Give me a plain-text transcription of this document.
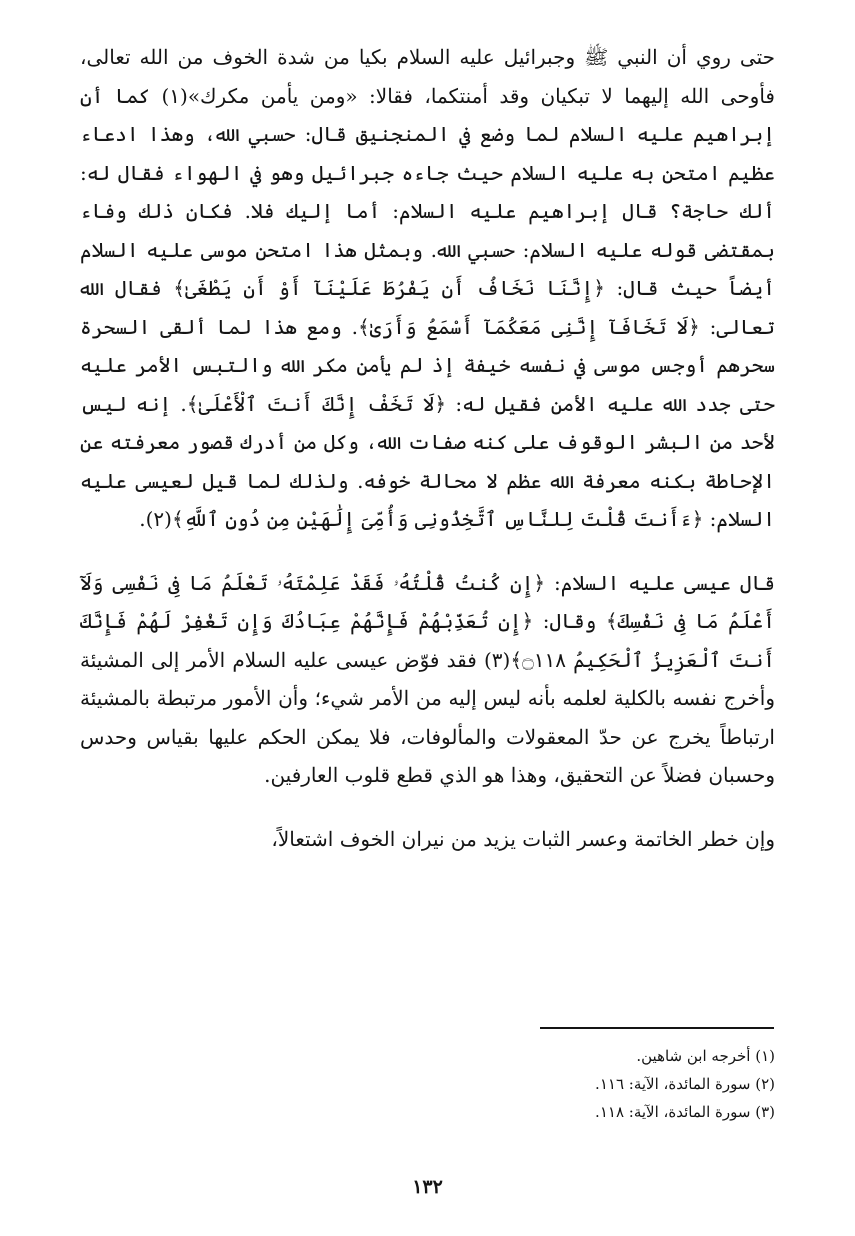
حتى روي أن النبي ﷺ وجبرائيل عليه السلام بكيا من شدة الخوف من الله تعالى، فأوحى الله إليهما لا تبكيان وقد أمنتكما، فقالا: «ومن يأمن مكرك»(١) كما أن إبراهيم عليه السلام لما وضع في المنجنيق قال: حسبي الله، وهذا ادعاء عظيم امتحن به عليه السلام حيث جاءه جبرائيل وهو في الهواء فقال له: ألك حاجة؟ قال إبراهيم عليه السلام: أما إليك فلا. فكان ذلك وفاء بمقتضى قوله عليه السلام: حسبي الله. وبمثل هذا امتحن موسى عليه السلام أيضاً حيث قال: ﴿إِنَّنَا نَخَافُ أَن يَفْرُطَ عَلَيْنَآ أَوْ أَن يَطْغَىٰ﴾ فقال الله تعالى: ﴿لَا تَخَافَآ إِنَّنِى مَعَكُمَآ أَسْمَعُ وَأَرَىٰ﴾. ومع هذا لما ألقى السحرة سحرهم أوجس موسى في نفسه خيفة إذ لم يأمن مكر الله والتبس الأمر عليه حتى جدد الله عليه الأمن فقيل له: ﴿لَا تَخَفْ إِنَّكَ أَنتَ ٱلْأَعْلَىٰ﴾. إنه ليس لأحد من البشر الوقوف على كنه صفات الله، وكل من أدرك قصور معرفته عن الإحاطة بكنه معرفة الله عظم لا محالة خوفه. ولذلك لما قيل لعيسى عليه السلام: ﴿ءَأَنتَ قُلْتَ لِلنَّاسِ ٱتَّخِذُونِى وَأُمِّىَ إِلَٰهَيْنِ مِن دُونِ ٱللَّهِ﴾(٢).

قال عيسى عليه السلام: ﴿إِن كُنتُ قُلْتُهُۥ فَقَدْ عَلِمْتَهُۥ تَعْلَمُ مَا فِى نَفْسِى وَلَآ أَعْلَمُ مَا فِى نَفْسِكَ﴾ وقال: ﴿إِن تُعَذِّبْهُمْ فَإِنَّهُمْ عِبَادُكَ وَإِن تَغْفِرْ لَهُمْ فَإِنَّكَ أَنتَ ٱلْعَزِيزُ ٱلْحَكِيمُ ۝١١٨﴾(٣) فقد فوّض عيسى عليه السلام الأمر إلى المشيئة وأخرج نفسه بالكلية لعلمه بأنه ليس إليه من الأمر شيء؛ وأن الأمور مرتبطة بالمشيئة ارتباطاً يخرج عن حدّ المعقولات والمألوفات، فلا يمكن الحكم عليها بقياس وحدس وحسبان فضلاً عن التحقيق، وهذا هو الذي قطع قلوب العارفين.

وإن خطر الخاتمة وعسر الثبات يزيد من نيران الخوف اشتعالاً،

(١) أخرجه ابن شاهين.
(٢) سورة المائدة، الآية: ١١٦.
(٣) سورة المائدة، الآية: ١١٨.
١٣٢
